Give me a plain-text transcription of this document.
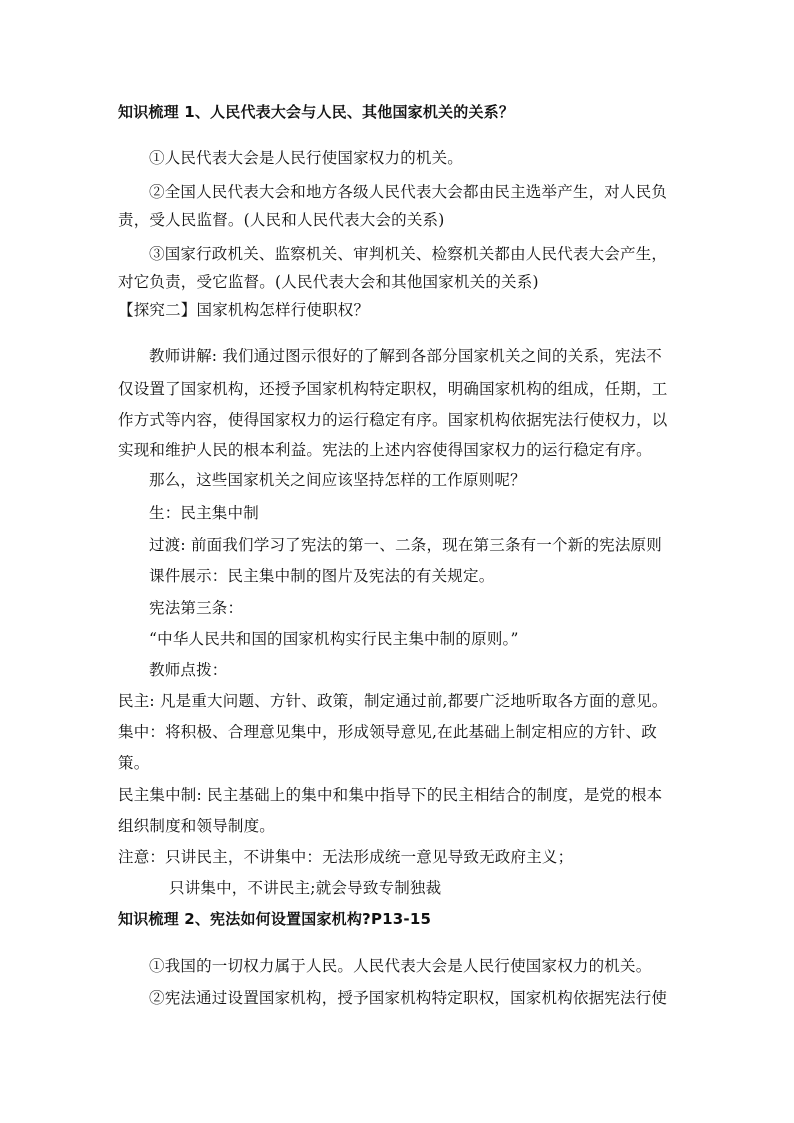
知识梳理 1、人民代表大会与人民、其他国家机关的关系？
①人民代表大会是人民行使国家权力的机关。
②全国人民代表大会和地方各级人民代表大会都由民主选举产生，对人民负
责，受人民监督。(人民和人民代表大会的关系)
③国家行政机关、监察机关、审判机关、检察机关都由人民代表大会产生，
对它负责，受它监督。(人民代表大会和其他国家机关的关系)
【探究二】国家机构怎样行使职权？
教师讲解: 我们通过图示很好的了解到各部分国家机关之间的关系，宪法不
仅设置了国家机构，还授予国家机构特定职权，明确国家机构的组成，任期，工
作方式等内容，使得国家权力的运行稳定有序。国家机构依据宪法行使权力，以
实现和维护人民的根本利益。宪法的上述内容使得国家权力的运行稳定有序。
那么，这些国家机关之间应该坚持怎样的工作原则呢？
生：民主集中制
过渡: 前面我们学习了宪法的第一、二条，现在第三条有一个新的宪法原则
课件展示：民主集中制的图片及宪法的有关规定。
宪法第三条：
“中华人民共和国的国家机构实行民主集中制的原则。”
教师点拨：
民主: 凡是重大问题、方针、政策，制定通过前,都要广泛地听取各方面的意见。
集中：将积极、合理意见集中，形成领导意见,在此基础上制定相应的方针、政
策。
民主集中制: 民主基础上的集中和集中指导下的民主相结合的制度，是党的根本
组织制度和领导制度。
注意：只讲民主，不讲集中：无法形成统一意见导致无政府主义；
只讲集中，不讲民主;就会导致专制独裁
知识梳理 2、宪法如何设置国家机构?P13-15
①我国的一切权力属于人民。人民代表大会是人民行使国家权力的机关。
②宪法通过设置国家机构，授予国家机构特定职权，国家机构依据宪法行使
